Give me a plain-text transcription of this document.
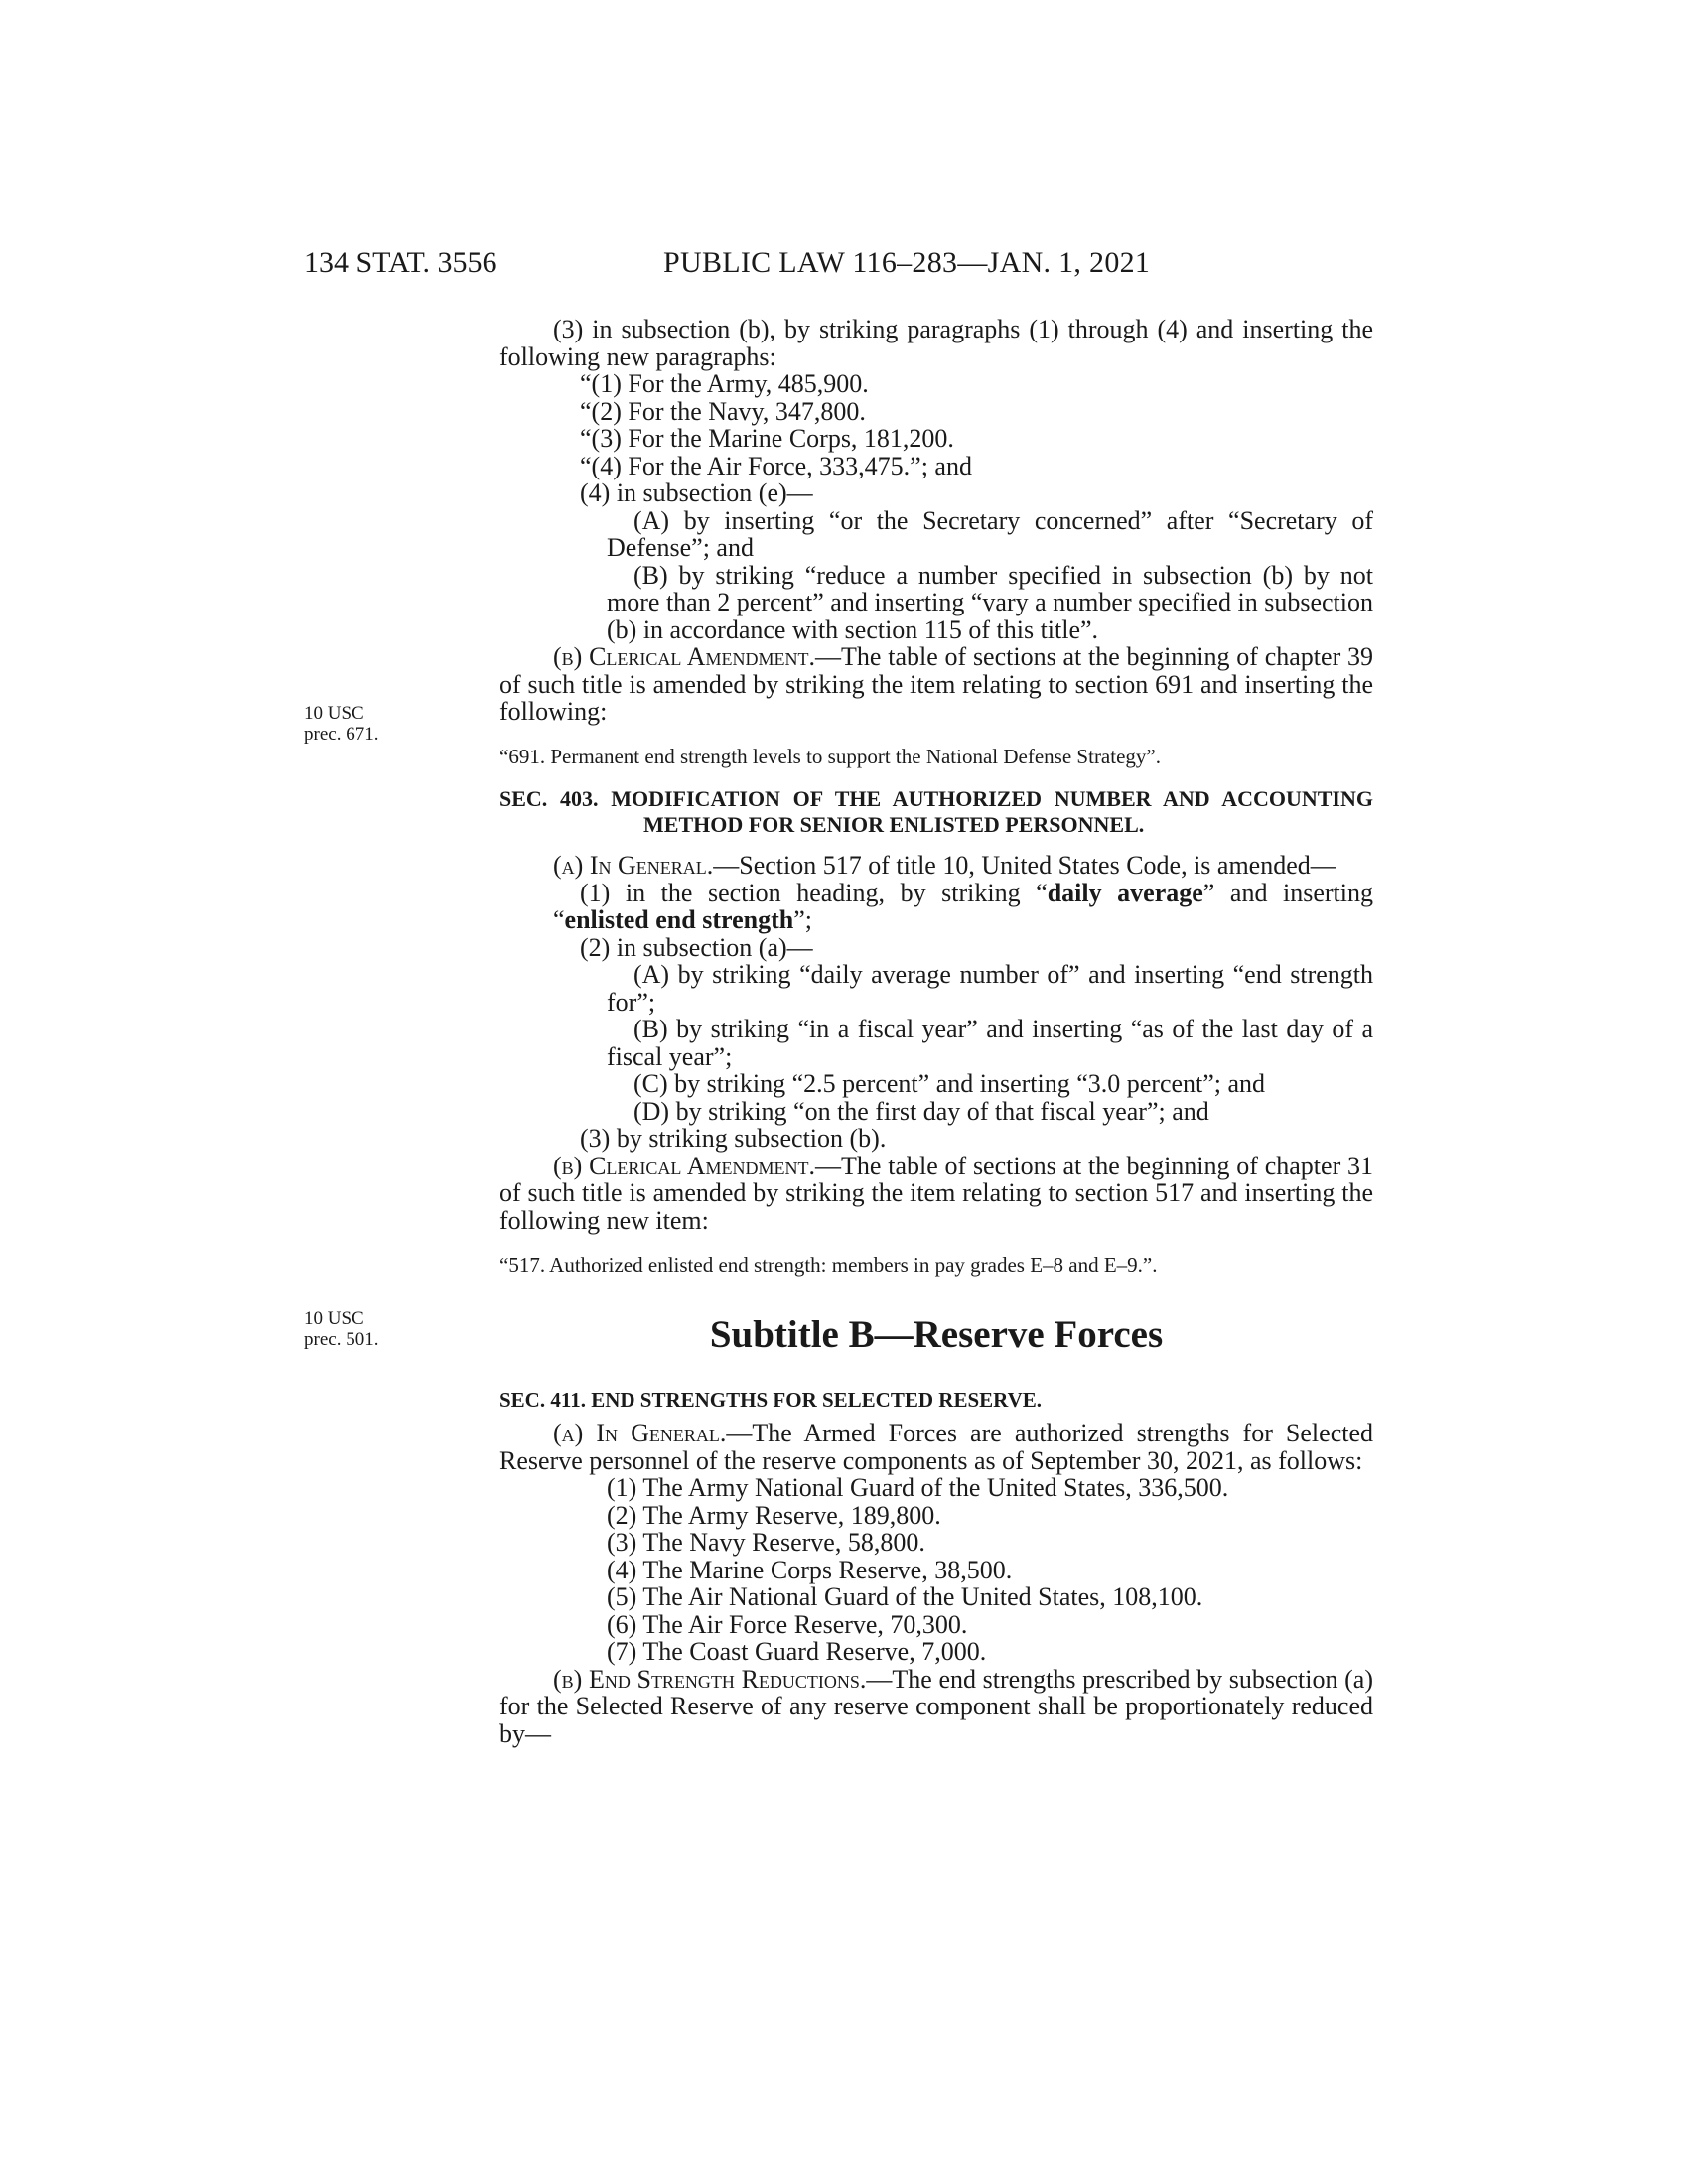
134 STAT. 3556	PUBLIC LAW 116–283—JAN. 1, 2021
10 USC
prec. 671.
10 USC
prec. 501.

(3) in subsection (b), by striking paragraphs (1) through (4) and inserting the following new paragraphs:

“(1) For the Army, 485,900.

“(2) For the Navy, 347,800.

“(3) For the Marine Corps, 181,200.

“(4) For the Air Force, 333,475.”; and

(4) in subsection (e)—

(A) by inserting “or the Secretary concerned” after “Secretary of Defense”; and

(B) by striking “reduce a number specified in subsection (b) by not more than 2 percent” and inserting “vary a number specified in subsection (b) in accordance with section 115 of this title”.

(b) Clerical Amendment.—The table of sections at the beginning of chapter 39 of such title is amended by striking the item relating to section 691 and inserting the following:

“691. Permanent end strength levels to support the National Defense Strategy”.

SEC. 403. MODIFICATION OF THE AUTHORIZED NUMBER AND ACCOUNTING METHOD FOR SENIOR ENLISTED PERSONNEL.

(a) In General.—Section 517 of title 10, United States Code, is amended—

(1) in the section heading, by striking “daily average” and inserting “enlisted end strength”;

(2) in subsection (a)—

(A) by striking “daily average number of” and inserting “end strength for”;

(B) by striking “in a fiscal year” and inserting “as of the last day of a fiscal year”;

(C) by striking “2.5 percent” and inserting “3.0 percent”; and

(D) by striking “on the first day of that fiscal year”; and

(3) by striking subsection (b).

(b) Clerical Amendment.—The table of sections at the beginning of chapter 31 of such title is amended by striking the item relating to section 517 and inserting the following new item:

“517. Authorized enlisted end strength: members in pay grades E–8 and E–9.”.

Subtitle B—Reserve Forces

SEC. 411. END STRENGTHS FOR SELECTED RESERVE.

(a) In General.—The Armed Forces are authorized strengths for Selected Reserve personnel of the reserve components as of September 30, 2021, as follows:

(1) The Army National Guard of the United States, 336,500.

(2) The Army Reserve, 189,800.

(3) The Navy Reserve, 58,800.

(4) The Marine Corps Reserve, 38,500.

(5) The Air National Guard of the United States, 108,100.

(6) The Air Force Reserve, 70,300.

(7) The Coast Guard Reserve, 7,000.

(b) End Strength Reductions.—The end strengths prescribed by subsection (a) for the Selected Reserve of any reserve component shall be proportionately reduced by—
